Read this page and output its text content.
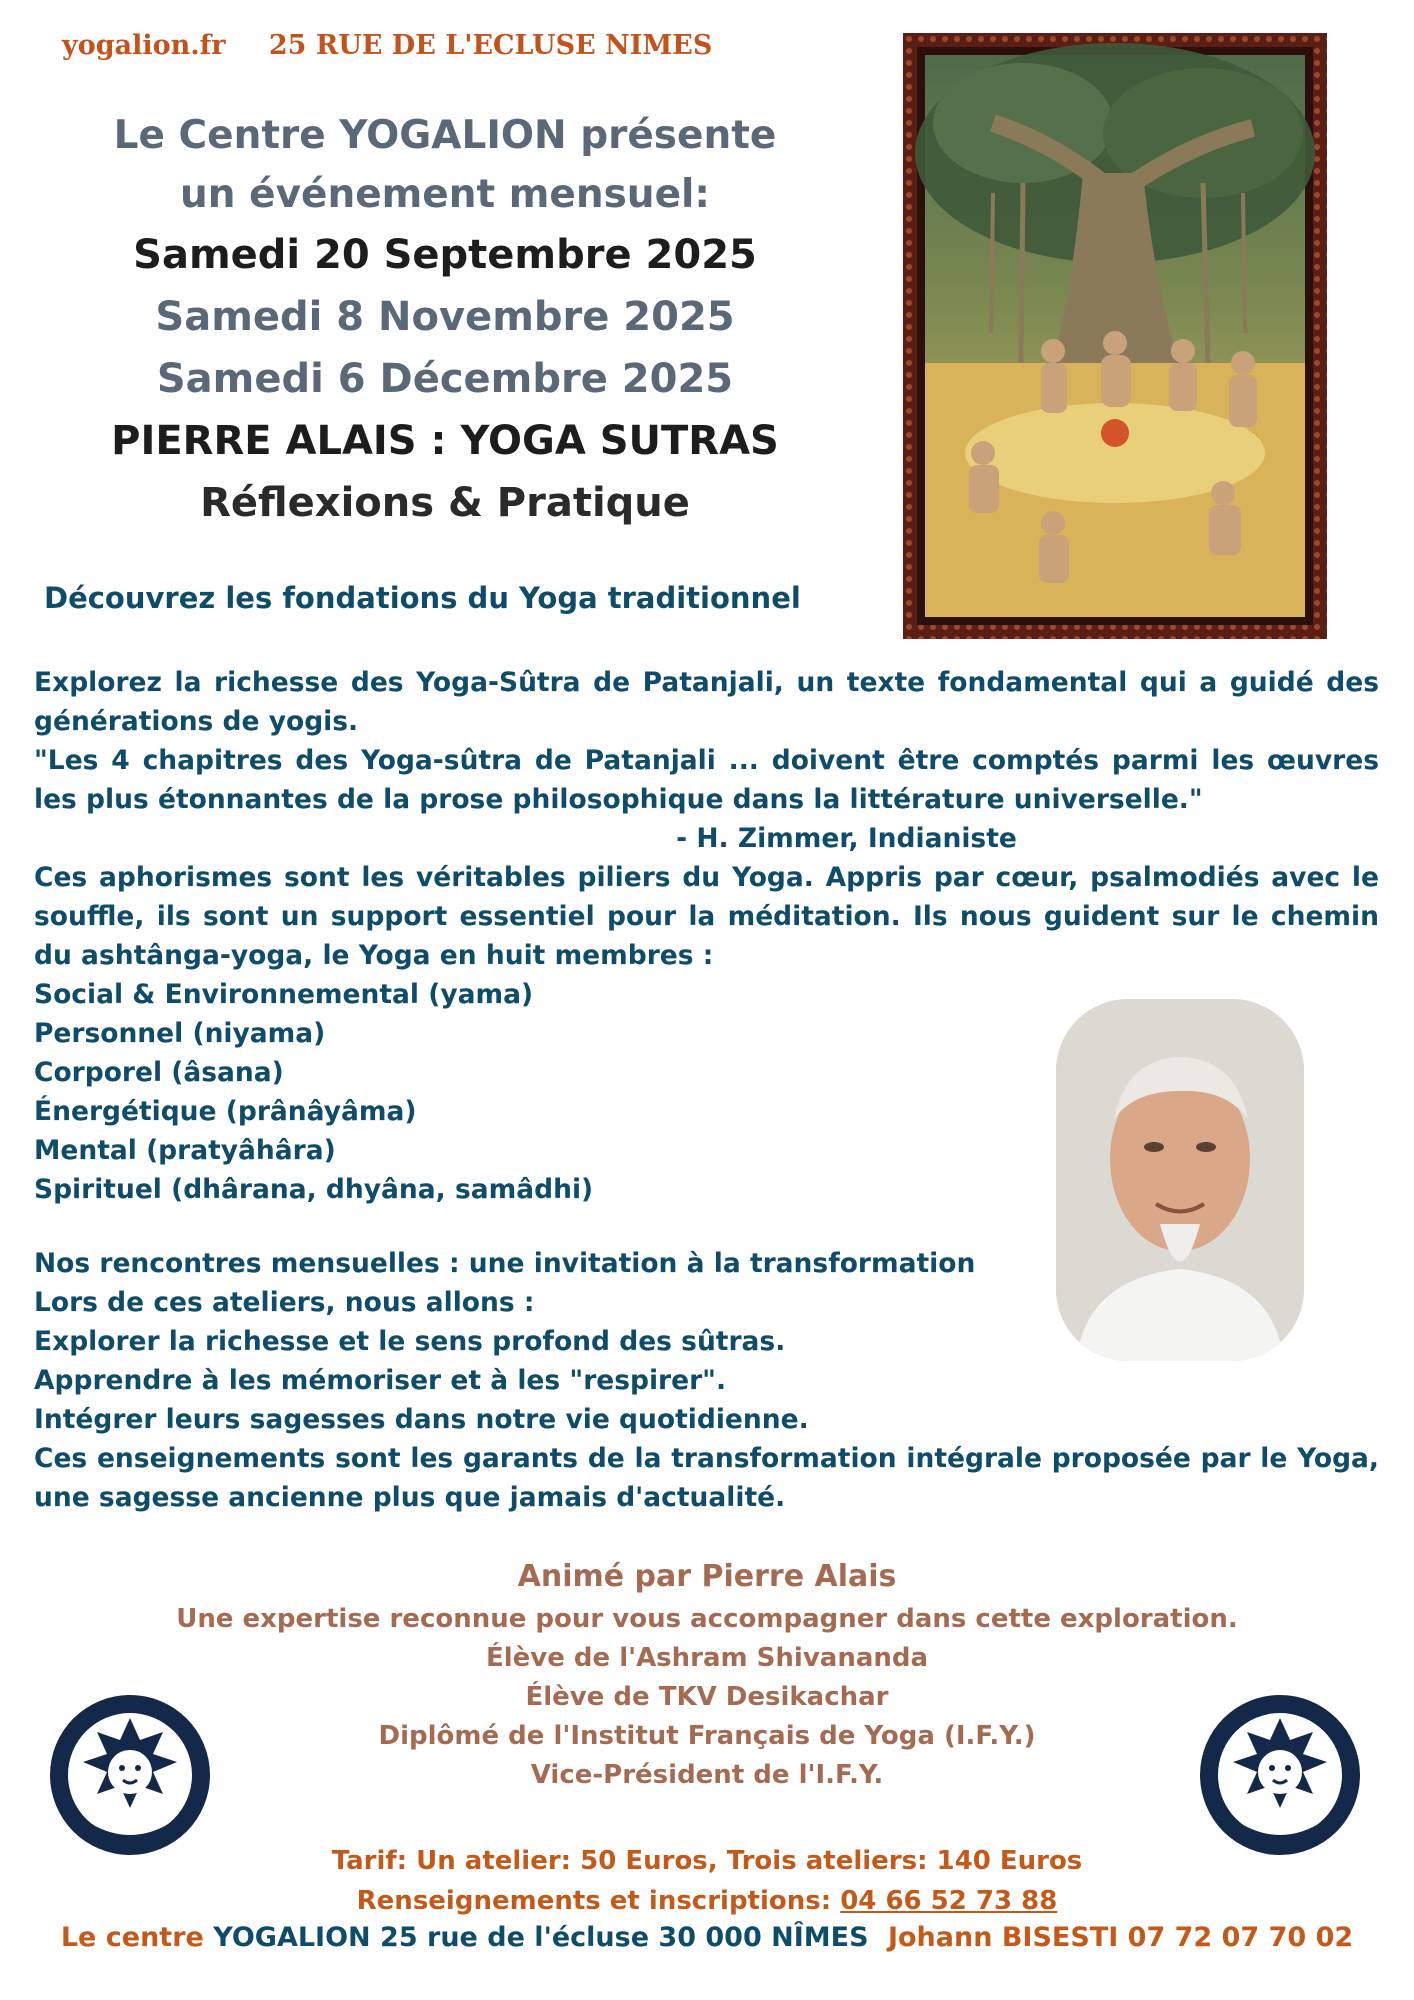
yogalion.fr 25 RUE DE L'ECLUSE NIMES
Le Centre YOGALION présente
un événement mensuel:
Samedi 20 Septembre 2025
Samedi 8 Novembre 2025
Samedi 6 Décembre 2025
PIERRE ALAIS : YOGA SUTRAS
Réflexions & Pratique
Découvrez les fondations du Yoga traditionnel
Explorez la richesse des Yoga-Sûtra de Patanjali, un texte fondamental qui a guidé des générations de yogis.
"Les 4 chapitres des Yoga-sûtra de Patanjali ... doivent être comptés parmi les œuvres les plus étonnantes de la prose philosophique dans la littérature universelle."
- H. Zimmer, Indianiste
Ces aphorismes sont les véritables piliers du Yoga. Appris par cœur, psalmodiés avec le souffle, ils sont un support essentiel pour la méditation. Ils nous guident sur le chemin du ashtânga-yoga, le Yoga en huit membres :
Social & Environnemental (yama)
Personnel (niyama)
Corporel (âsana)
Énergétique (prânâyâma)
Mental (pratyâhâra)
Spirituel (dhârana, dhyâna, samâdhi)
Nos rencontres mensuelles : une invitation à la transformation
Lors de ces ateliers, nous allons :
Explorer la richesse et le sens profond des sûtras.
Apprendre à les mémoriser et à les "respirer".
Intégrer leurs sagesses dans notre vie quotidienne.
Ces enseignements sont les garants de la transformation intégrale proposée par le Yoga, une sagesse ancienne plus que jamais d'actualité.
Animé par Pierre Alais
Une expertise reconnue pour vous accompagner dans cette exploration.
Élève de l'Ashram Shivananda
Élève de TKV Desikachar
Diplômé de l'Institut Français de Yoga (I.F.Y.)
Vice-Président de l'I.F.Y.
Tarif: Un atelier: 50 Euros, Trois ateliers: 140 Euros
Renseignements et inscriptions: 04 66 52 73 88
Le centre YOGALION 25 rue de l'écluse 30 000 NÎMES Johann BISESTI 07 72 07 70 02
